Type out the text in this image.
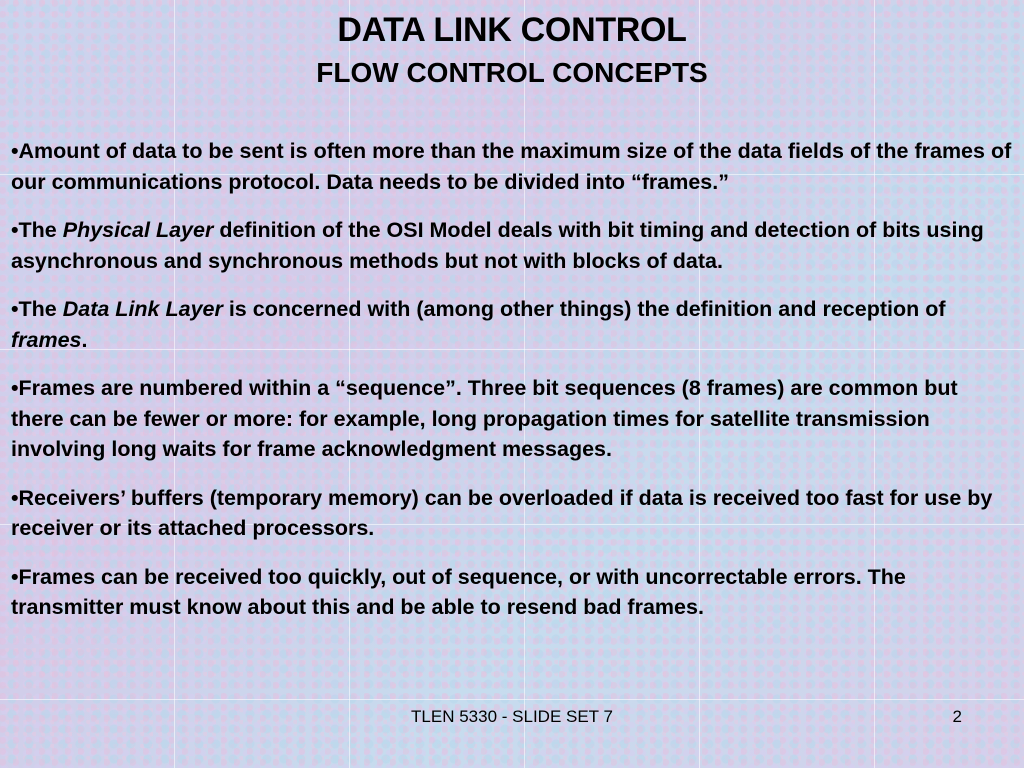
DATA LINK CONTROL
FLOW CONTROL CONCEPTS
•Amount of data to be sent is often more than the maximum size of the data fields of the frames of our communications protocol. Data needs to be divided into “frames.”
•The Physical Layer definition of the OSI Model deals with bit timing and detection of bits using asynchronous and synchronous methods but not with blocks of data.
•The Data Link Layer is concerned with (among other things) the definition and reception of frames.
•Frames are numbered within a “sequence”. Three bit sequences (8 frames) are common but there can be fewer or more: for example, long propagation times for satellite transmission involving long waits for frame acknowledgment messages.
•Receivers’ buffers (temporary memory) can be overloaded if data is received too fast for use by receiver or its attached processors.
•Frames can be received too quickly, out of sequence, or with uncorrectable errors. The transmitter must know about this and be able to resend bad frames.
TLEN 5330 - SLIDE SET 7	2
